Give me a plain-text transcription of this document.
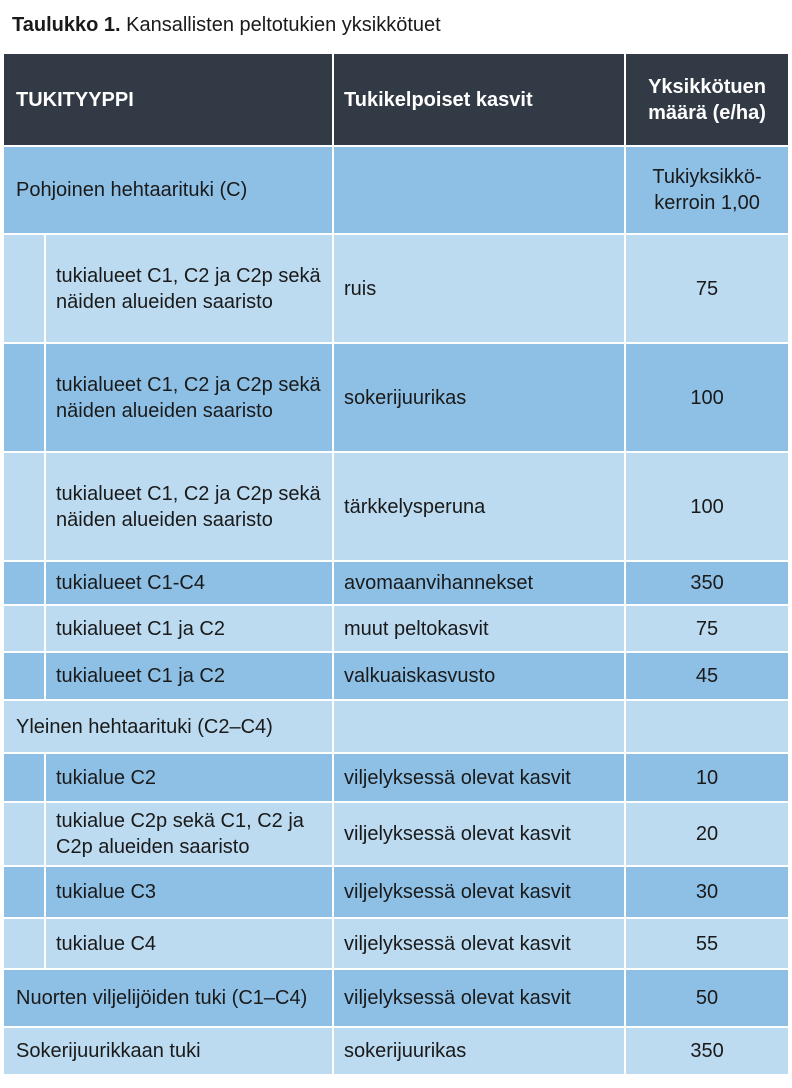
Taulukko 1. Kansallisten peltotukien yksikkötuet
TUKITYYPPI		Tukikelpoiset kasvit	Yksikkötuen
määrä (e/ha)
Pohjoinen hehtaarituki (C)			Tukiyksikkö-
kerroin 1,00
	tukialueet C1, C2 ja C2p sekä näiden alueiden saaristo	ruis	75
	tukialueet C1, C2 ja C2p sekä näiden alueiden saaristo	sokerijuurikas	100
	tukialueet C1, C2 ja C2p sekä näiden alueiden saaristo	tärkkelysperuna	100
	tukialueet C1-C4	avomaanvihannekset	350
	tukialueet C1 ja C2	muut peltokasvit	75
	tukialueet C1 ja C2	valkuaiskasvusto	45
Yleinen hehtaarituki (C2–C4)			
	tukialue C2	viljelyksessä olevat kasvit	10
	tukialue C2p sekä C1, C2 ja C2p alueiden saaristo	viljelyksessä olevat kasvit	20
	tukialue C3	viljelyksessä olevat kasvit	30
	tukialue C4	viljelyksessä olevat kasvit	55
Nuorten viljelijöiden tuki (C1–C4)		viljelyksessä olevat kasvit	50
Sokerijuurikkaan tuki		sokerijuurikas	350
